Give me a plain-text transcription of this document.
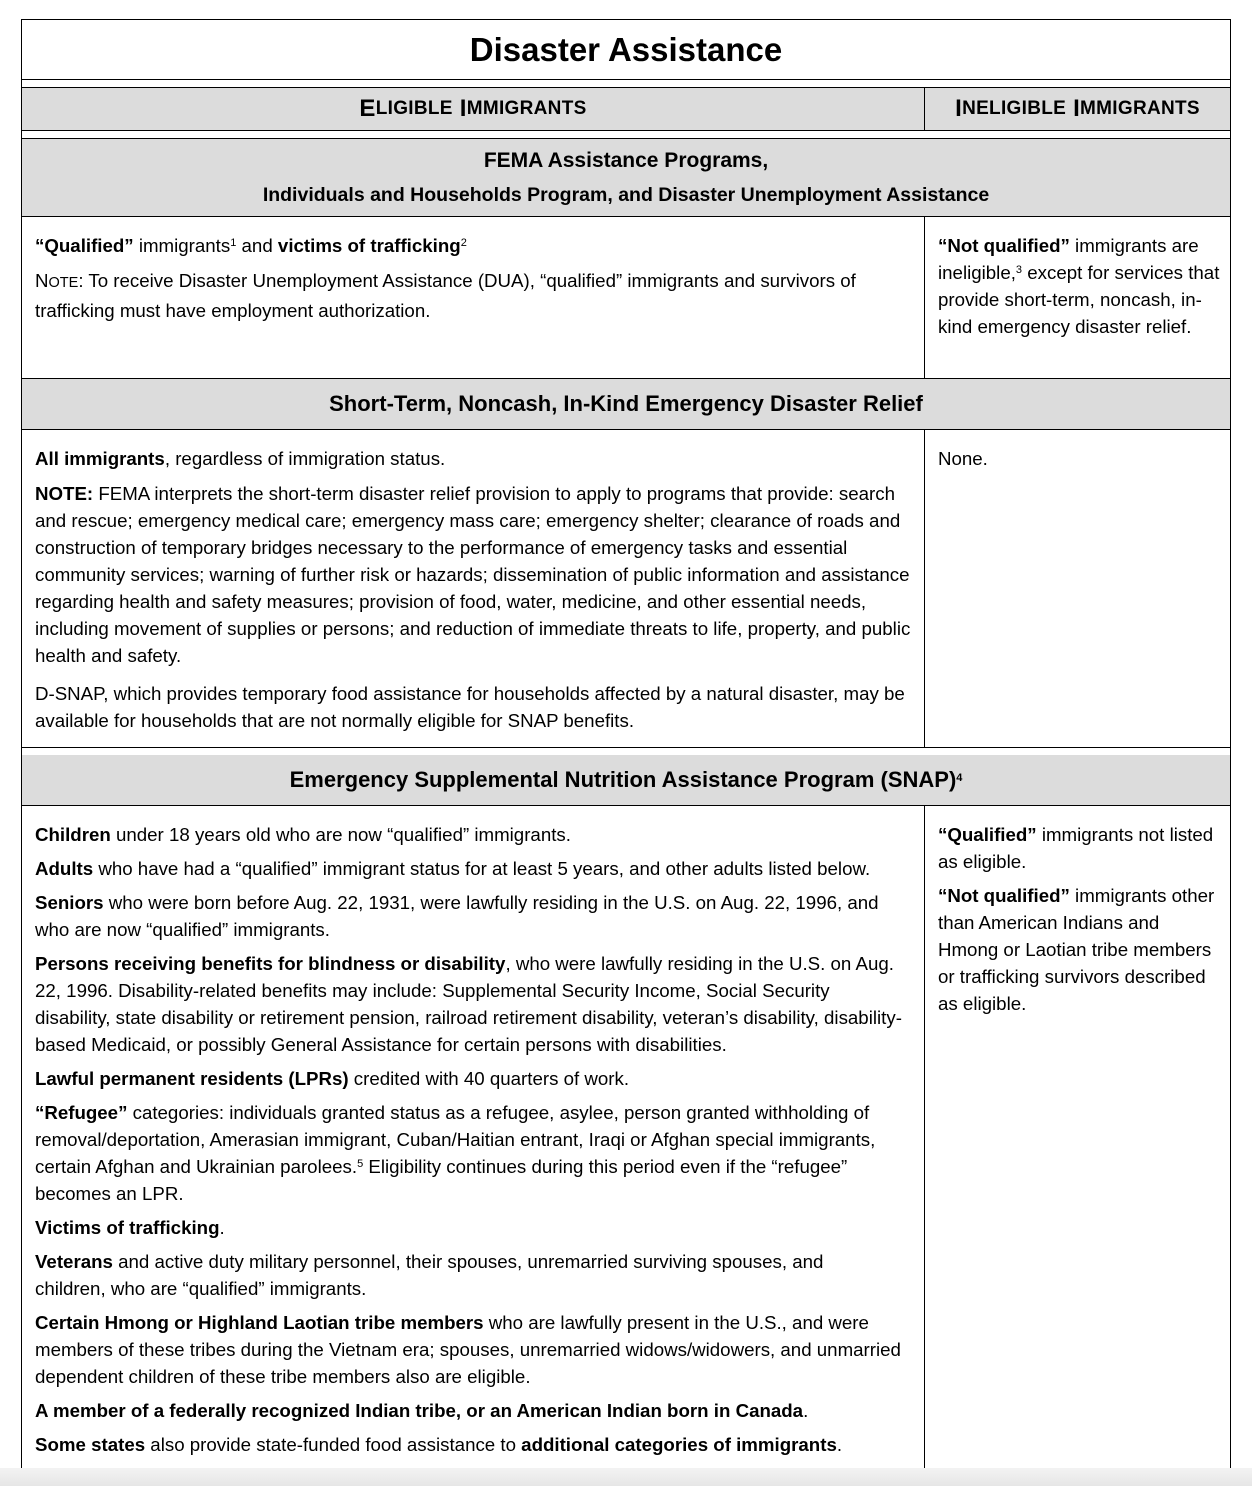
Disaster Assistance
E LIGIBLE
I MMIGRANTS	I NELIGIBLE
I MMIGRANTS
FEMA Assistance Programs,
Individuals and Households Program, and Disaster Unemployment Assistance

“Qualified” immigrants$^1$ and victims of trafficking$^2$

NOTE: To receive Disaster Unemployment Assistance (DUA), “qualified” immigrants and survivors of trafficking must have employment authorization.

“Not qualified” immigrants are ineligible,$^3$ except for services that provide short-term, noncash, in-kind emergency disaster relief.

Short-Term, Noncash, In-Kind Emergency Disaster Relief

All immigrants, regardless of immigration status.

NOTE: FEMA interprets the short-term disaster relief provision to apply to programs that provide: search and rescue; emergency medical care; emergency mass care; emergency shelter; clearance of roads and construction of temporary bridges necessary to the performance of emergency tasks and essential community services; warning of further risk or hazards; dissemination of public information and assistance regarding health and safety measures; provision of food, water, medicine, and other essential needs, including movement of supplies or persons; and reduction of immediate threats to life, property, and public health and safety.

D-SNAP, which provides temporary food assistance for households affected by a natural disaster, may be available for households that are not normally eligible for SNAP benefits.

None.

Emergency Supplemental Nutrition Assistance Program (SNAP)$^4$

Children under 18 years old who are now “qualified” immigrants.

Adults who have had a “qualified” immigrant status for at least 5 years, and other adults listed below.

Seniors who were born before Aug. 22, 1931, were lawfully residing in the U.S. on Aug. 22, 1996, and who are now “qualified” immigrants.

Persons receiving benefits for blindness or disability, who were lawfully residing in the U.S. on Aug. 22, 1996. Disability-related benefits may include: Supplemental Security Income, Social Security disability, state disability or retirement pension, railroad retirement disability, veteran’s disability, disability-based Medicaid, or possibly General Assistance for certain persons with disabilities.

Lawful permanent residents (LPRs) credited with 40 quarters of work.

“Refugee” categories: individuals granted status as a refugee, asylee, person granted withholding of removal/deportation, Amerasian immigrant, Cuban/Haitian entrant, Iraqi or Afghan special immigrants, certain Afghan and Ukrainian parolees.$^5$ Eligibility continues during this period even if the “refugee” becomes an LPR.

Victims of trafficking.

Veterans and active duty military personnel, their spouses, unremarried surviving spouses, and children, who are “qualified” immigrants.

Certain Hmong or Highland Laotian tribe members who are lawfully present in the U.S., and were members of these tribes during the Vietnam era; spouses, unremarried widows/widowers, and unmarried dependent children of these tribe members also are eligible.

A member of a federally recognized Indian tribe, or an American Indian born in Canada.

Some states also provide state-funded food assistance to additional categories of immigrants.

“Qualified” immigrants not listed as eligible.

“Not qualified” immigrants other than American Indians and Hmong or Laotian tribe members or trafficking survivors described as eligible.
